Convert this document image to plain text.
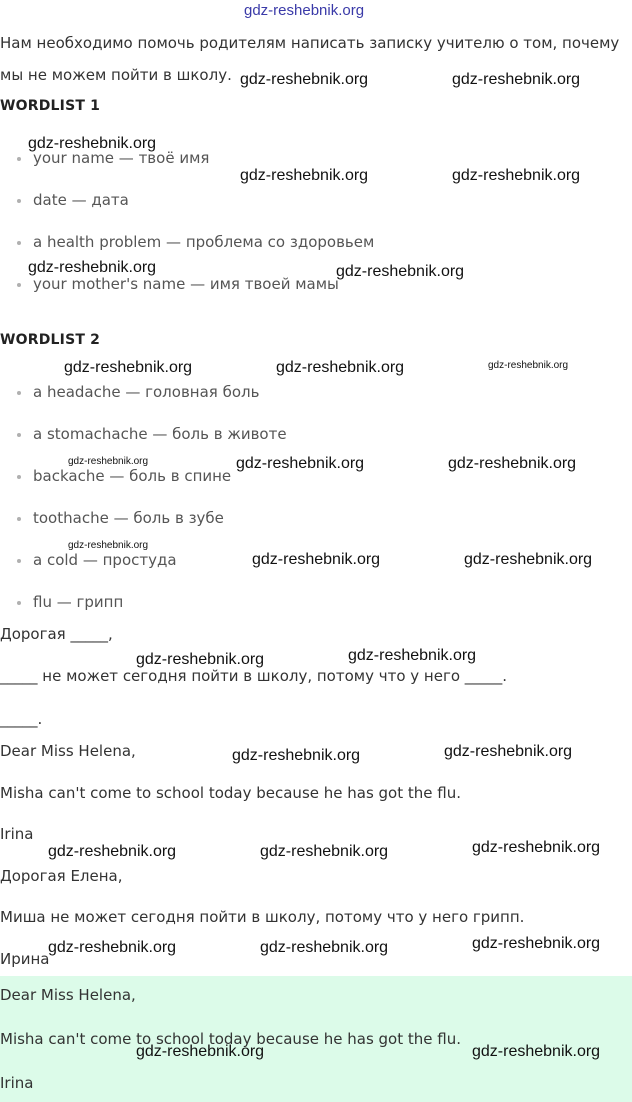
Нам необходимо помочь родителям написать записку учителю о том, почему
мы не можем пойти в школу.
WORDLIST 1
your name — твоё имя
date — дата
a health problem — проблема со здоровьем
your mother's name — имя твоей мамы
WORDLIST 2
a headache — головная боль
a stomachache — боль в животе
backache — боль в спине
toothache — боль в зубе
a cold — простуда
flu — грипп
Дорогая _____,
_____ не может сегодня пойти в школу, потому что у него _____.
_____.
Dear Miss Helena,
Misha can't come to school today because he has got the flu.
Irina
Дорогая Елена,
Миша не может сегодня пойти в школу, потому что у него грипп.
Ирина
Dear Miss Helena,
Misha can't come to school today because he has got the flu.
Irina
gdz-reshebnik.org
gdz-reshebnik.org	gdz-reshebnik.org
gdz-reshebnik.org
gdz-reshebnik.org	gdz-reshebnik.org
gdz-reshebnik.org	gdz-reshebnik.org
gdz-reshebnik.org	gdz-reshebnik.org	gdz-reshebnik.org
gdz-reshebnik.org	gdz-reshebnik.org	gdz-reshebnik.org
gdz-reshebnik.org
gdz-reshebnik.org	gdz-reshebnik.org
gdz-reshebnik.org	gdz-reshebnik.org
gdz-reshebnik.org	gdz-reshebnik.org
gdz-reshebnik.org	gdz-reshebnik.org	gdz-reshebnik.org
gdz-reshebnik.org	gdz-reshebnik.org	gdz-reshebnik.org
gdz-reshebnik.org	gdz-reshebnik.org
